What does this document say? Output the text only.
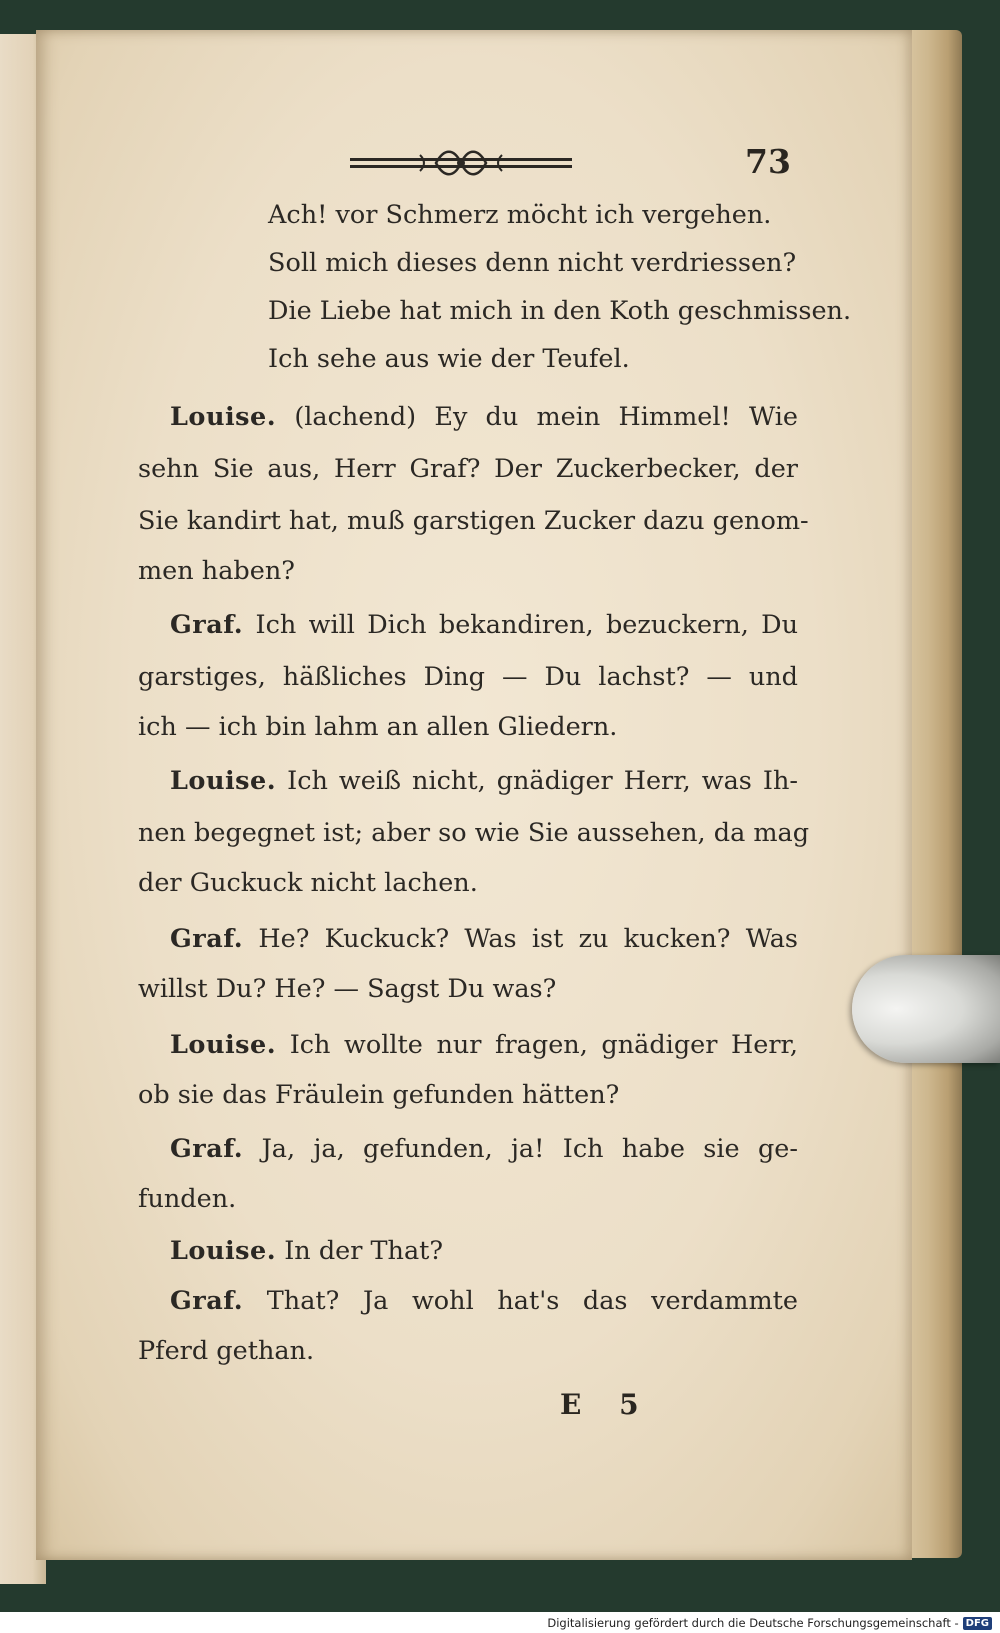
73
Ach! vor Schmerz möcht ich vergehen.
Soll mich dieses denn nicht verdriessen?
Die Liebe hat mich in den Koth geschmissen.
Ich sehe aus wie der Teufel.
Louise. (lachend) Ey du mein Himmel! Wie
sehn Sie aus, Herr Graf? Der Zuckerbecker, der
Sie kandirt hat, muß garstigen Zucker dazu genom-
men haben?
Graf. Ich will Dich bekandiren, bezuckern, Du
garstiges, häßliches Ding — Du lachst? — und
ich — ich bin lahm an allen Gliedern.
Louise. Ich weiß nicht, gnädiger Herr, was Ih-
nen begegnet ist; aber so wie Sie aussehen, da mag
der Guckuck nicht lachen.
Graf. He? Kuckuck? Was ist zu kucken? Was
willst Du? He? — Sagst Du was?
Louise. Ich wollte nur fragen, gnädiger Herr,
ob sie das Fräulein gefunden hätten?
Graf. Ja, ja, gefunden, ja! Ich habe sie ge-
funden.
Louise. In der That?
Graf. That? Ja wohl hat's das verdammte
Pferd gethan.
E 5
Digitalisierung gefördert durch die Deutsche Forschungsgemeinschaft - DFG
